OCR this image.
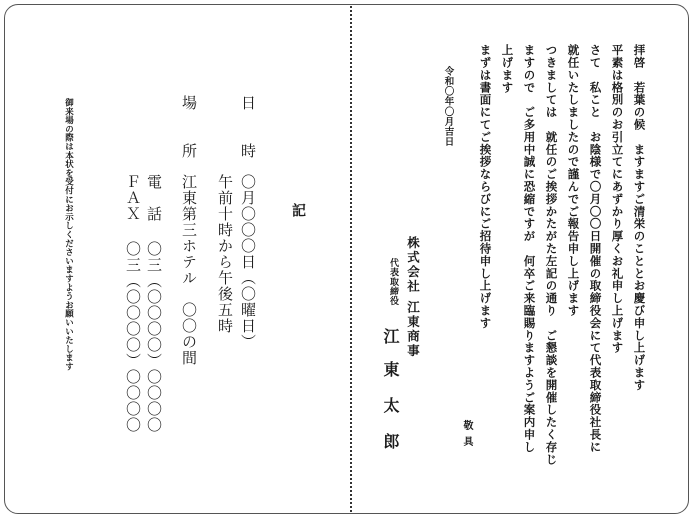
拝啓　若葉の候　ますますご清栄のこととお慶び申し上げます
平素は格別のお引立てにあずかり厚くお礼申し上げます
さて　私こと　お陰様で〇月〇〇日開催の取締役会にて代表取締役社長に
就任いたしましたので謹んでご報告申し上げます
つきましては　就任のご挨拶かたがた左記の通り　ご懇談を開催したく存じ
ますので　ご多用中誠に恐縮ですが　何卒ご来臨賜りますようご案内申し
上げます
まずは書面にてご挨拶ならびにご招待申し上げます
令和〇年〇月吉日
株式会社 江東商事
代表取締役
江
東
太
郎	敬具
記
日　　時
〇月〇〇〇日（〇曜日）
午前十時から午後五時
場　　所
江東第三ホテル　〇〇の間
電　話
〇三（〇〇〇〇）〇〇〇〇
ＦＡＸ
〇三（〇〇〇〇）〇〇〇〇
御来場の際は本状を受付にお示しくださいますようお願いいたします
